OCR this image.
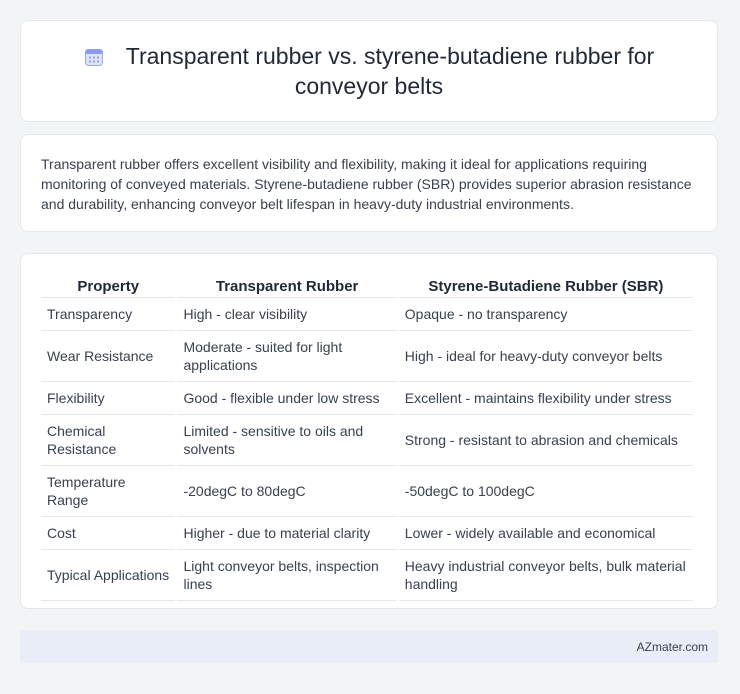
Transparent rubber vs. styrene-butadiene rubber for conveyor belts
Transparent rubber offers excellent visibility and flexibility, making it ideal for applications requiring monitoring of conveyed materials. Styrene-butadiene rubber (SBR) provides superior abrasion resistance and durability, enhancing conveyor belt lifespan in heavy-duty industrial environments.
Property	Transparent Rubber	Styrene-Butadiene Rubber (SBR)
Transparency	High - clear visibility	Opaque - no transparency
Wear Resistance	Moderate - suited for light applications	High - ideal for heavy-duty conveyor belts
Flexibility	Good - flexible under low stress	Excellent - maintains flexibility under stress
Chemical Resistance	Limited - sensitive to oils and solvents	Strong - resistant to abrasion and chemicals
Temperature Range	-20degC to 80degC	-50degC to 100degC
Cost	Higher - due to material clarity	Lower - widely available and economical
Typical Applications	Light conveyor belts, inspection lines	Heavy industrial conveyor belts, bulk material handling
AZmater.com
